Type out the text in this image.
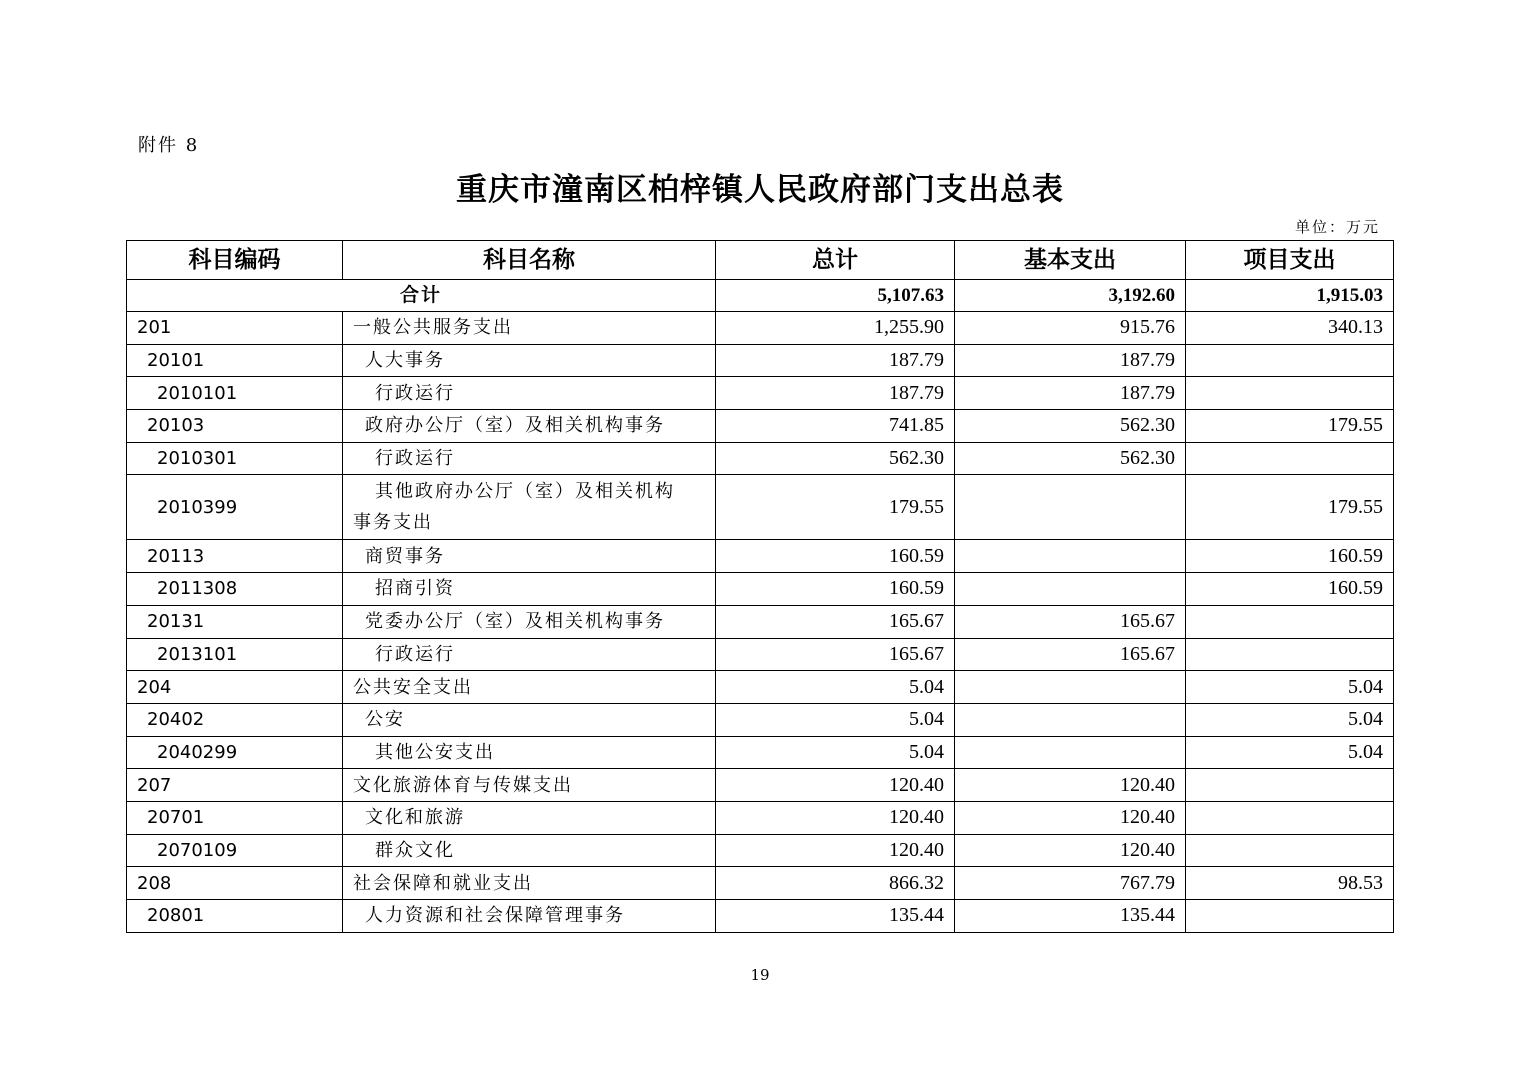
附件 8
重庆市潼南区柏梓镇人民政府部门支出总表
单位：万元
科目编码	科目名称	总计	基本支出	项目支出
合计		5,107.63	3,192.60	1,915.03
201	一般公共服务支出	1,255.90	915.76	340.13
20101	人大事务	187.79	187.79	
2010101	行政运行	187.79	187.79	
20103	政府办公厅（室）及相关机构事务	741.85	562.30	179.55
2010301	行政运行	562.30	562.30	
2010399	其他政府办公厅（室）及相关机构
事务支出	179.55		179.55
20113	商贸事务	160.59		160.59
2011308	招商引资	160.59		160.59
20131	党委办公厅（室）及相关机构事务	165.67	165.67	
2013101	行政运行	165.67	165.67	
204	公共安全支出	5.04		5.04
20402	公安	5.04		5.04
2040299	其他公安支出	5.04		5.04
207	文化旅游体育与传媒支出	120.40	120.40	
20701	文化和旅游	120.40	120.40	
2070109	群众文化	120.40	120.40	
208	社会保障和就业支出	866.32	767.79	98.53
20801	人力资源和社会保障管理事务	135.44	135.44	
19
